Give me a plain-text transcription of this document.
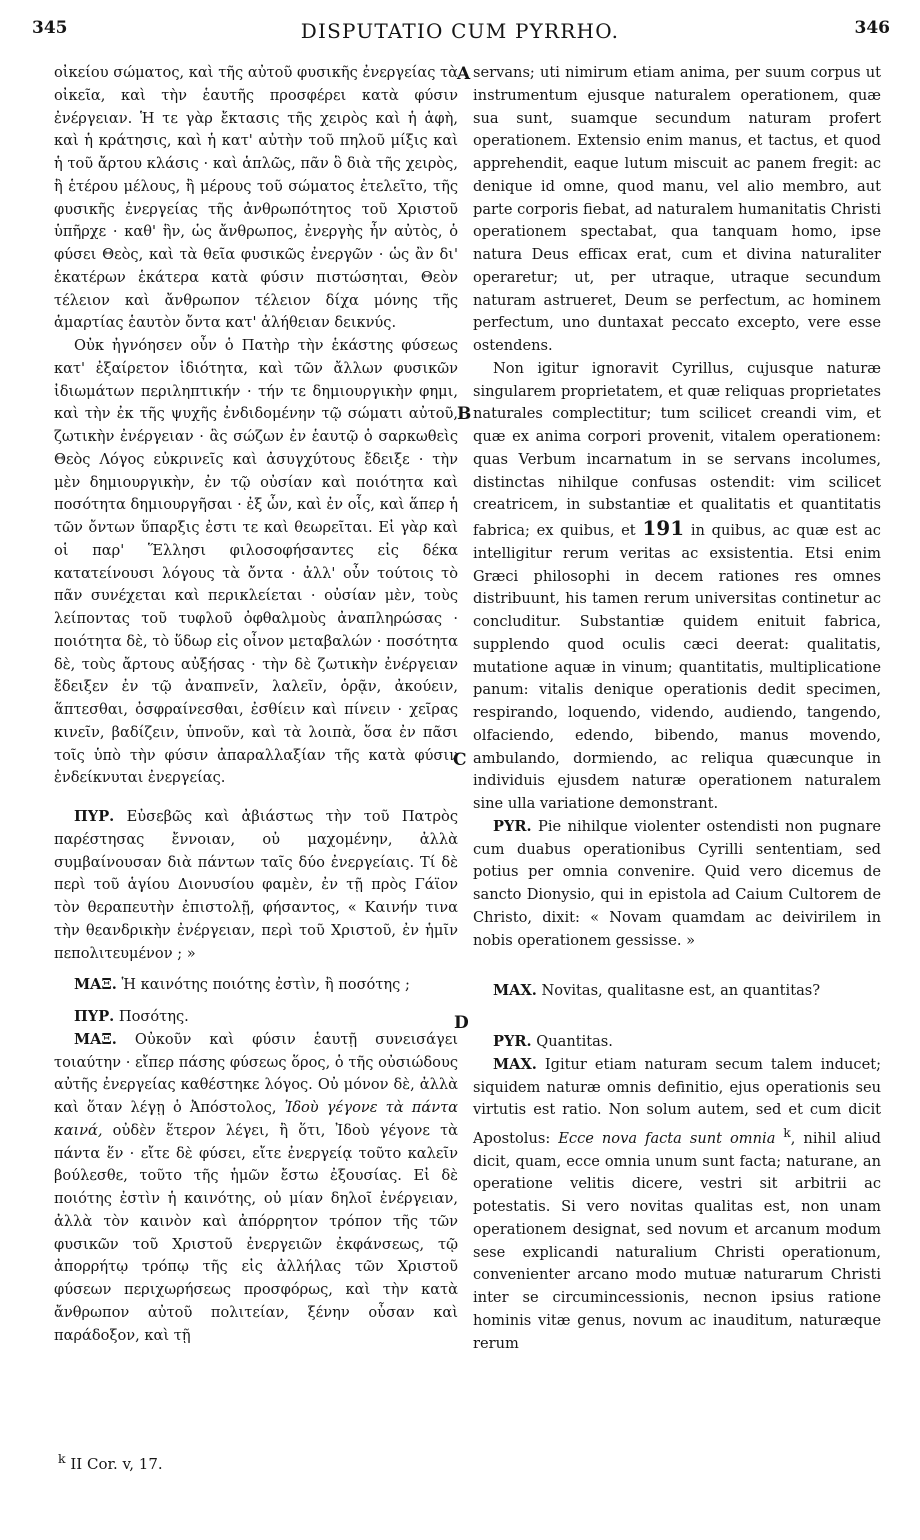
345	DISPUTATIO CUM PYRRHO.	346
A
B
C
D

οἰκείου σώματος, καὶ τῆς αὐτοῦ φυσικῆς ἐνεργείας τὰ οἰκεῖα, καὶ τὴν ἑαυτῆς προσφέρει κατὰ φύσιν ἐνέργειαν. Ἡ τε γὰρ ἔκτασις τῆς χειρὸς καὶ ἡ ἁφὴ, καὶ ἡ κράτησις, καὶ ἡ κατ' αὐτὴν τοῦ πηλοῦ μίξις καὶ ἡ τοῦ ἄρτου κλάσις · καὶ ἁπλῶς, πᾶν ὃ διὰ τῆς χειρὸς, ἢ ἑτέρου μέλους, ἢ μέρους τοῦ σώματος ἐτελεῖτο, τῆς φυσικῆς ἐνεργείας τῆς ἀνθρωπότητος τοῦ Χριστοῦ ὑπῆρχε · καθ' ἣν, ὡς ἄνθρωπος, ἐνεργὴς ἦν αὐτὸς, ὁ φύσει Θεὸς, καὶ τὰ θεῖα φυσικῶς ἐνεργῶν · ὡς ἂν δι' ἑκατέρων ἑκάτερα κατὰ φύσιν πιστώσηται, Θεὸν τέλειον καὶ ἄνθρωπον τέλειον δίχα μόνης τῆς ἁμαρτίας ἑαυτὸν ὄντα κατ' ἀλήθειαν δεικνύς.

Οὐκ ἠγνόησεν οὖν ὁ Πατὴρ τὴν ἑκάστης φύσεως κατ' ἐξαίρετον ἰδιότητα, καὶ τῶν ἄλλων φυσικῶν ἰδιωμάτων περιληπτικήν · τήν τε δημιουργικὴν φημι, καὶ τὴν ἐκ τῆς ψυχῆς ἐνδιδομένην τῷ σώματι αὐτοῦ, ζωτικὴν ἐνέργειαν · ἃς σώζων ἐν ἑαυτῷ ὁ σαρκωθεὶς Θεὸς Λόγος εὐκρινεῖς καὶ ἀσυγχύτους ἔδειξε · τὴν μὲν δημιουργικὴν, ἐν τῷ οὐσίαν καὶ ποιότητα καὶ ποσότητα δημιουργῆσαι · ἐξ ὧν, καὶ ἐν οἷς, καὶ ἅπερ ἡ τῶν ὄντων ὕπαρξις ἐστι τε καὶ θεωρεῖται. Εἰ γὰρ καὶ οἱ παρ' Ἕλλησι φιλοσοφήσαντες εἰς δέκα κατατείνουσι λόγους τὰ ὄντα · ἀλλ' οὖν τούτοις τὸ πᾶν συνέχεται καὶ περικλείεται · οὐσίαν μὲν, τοὺς λείποντας τοῦ τυφλοῦ ὀφθαλμοὺς ἀναπληρώσας · ποιότητα δὲ, τὸ ὕδωρ εἰς οἶνον μεταβαλών · ποσότητα δὲ, τοὺς ἄρτους αὐξήσας · τὴν δὲ ζωτικὴν ἐνέργειαν ἔδειξεν ἐν τῷ ἀναπνεῖν, λαλεῖν, ὁρᾷν, ἀκούειν, ἅπτεσθαι, ὀσφραίνεσθαι, ἐσθίειν καὶ πίνειν · χεῖρας κινεῖν, βαδίζειν, ὑπνοῦν, καὶ τὰ λοιπὰ, ὅσα ἐν πᾶσι τοῖς ὑπὸ τὴν φύσιν ἀπαραλλαξίαν τῆς κατὰ φύσιν ἐνδείκνυται ἐνεργείας.

ΠΥΡ. Εὐσεβῶς καὶ ἀβιάστως τὴν τοῦ Πατρὸς παρέστησας ἔννοιαν, οὐ μαχομένην, ἀλλὰ συμβαίνουσαν διὰ πάντων ταῖς δύο ἐνεργείαις. Τί δὲ περὶ τοῦ ἁγίου Διονυσίου φαμὲν, ἐν τῇ πρὸς Γάϊον τὸν θεραπευτὴν ἐπιστολῇ, φήσαντος, « Καινήν τινα τὴν θεανδρικὴν ἐνέργειαν, περὶ τοῦ Χριστοῦ, ἐν ἡμῖν πεπολιτευμένον ; »

ΜΑΞ. Ἡ καινότης ποιότης ἐστὶν, ἢ ποσότης ;

ΠΥΡ. Ποσότης.

ΜΑΞ. Οὐκοῦν καὶ φύσιν ἑαυτῇ συνεισάγει τοιαύτην · εἴπερ πάσης φύσεως ὅρος, ὁ τῆς οὐσιώδους αὐτῆς ἐνεργείας καθέστηκε λόγος. Οὐ μόνον δὲ, ἀλλὰ καὶ ὅταν λέγῃ ὁ Ἀπόστολος, Ἰδοὺ γέγονε τὰ πάντα καινά, οὐδὲν ἕτερον λέγει, ἢ ὅτι, Ἰδοὺ γέγονε τὰ πάντα ἕν · εἴτε δὲ φύσει, εἴτε ἐνεργείᾳ τοῦτο καλεῖν βούλεσθε, τοῦτο τῆς ἡμῶν ἔστω ἐξουσίας. Εἰ δὲ ποιότης ἐστὶν ἡ καινότης, οὐ μίαν δηλοῖ ἐνέργειαν, ἀλλὰ τὸν καινὸν καὶ ἀπόρρητον τρόπον τῆς τῶν φυσικῶν τοῦ Χριστοῦ ἐνεργειῶν ἐκφάνσεως, τῷ ἀπορρήτῳ τρόπῳ τῆς εἰς ἀλλήλας τῶν Χριστοῦ φύσεων περιχωρήσεως προσφόρως, καὶ τὴν κατὰ ἄνθρωπον αὐτοῦ πολιτείαν, ξένην οὖσαν καὶ παράδοξον, καὶ τῇ

servans; uti nimirum etiam anima, per suum corpus ut instrumentum ejusque naturalem operationem, quæ sua sunt, suamque secundum naturam profert operationem. Extensio enim manus, et tactus, et quod apprehendit, eaque lutum miscuit ac panem fregit: ac denique id omne, quod manu, vel alio membro, aut parte corporis fiebat, ad naturalem humanitatis Christi operationem spectabat, qua tanquam homo, ipse natura Deus efficax erat, cum et divina naturaliter operaretur; ut, per utraque, utraque secundum naturam astrueret, Deum se perfectum, ac hominem perfectum, uno duntaxat peccato excepto, vere esse ostendens.

Non igitur ignoravit Cyrillus, cujusque naturæ singularem proprietatem, et quæ reliquas proprietates naturales complectitur; tum scilicet creandi vim, et quæ ex anima corpori provenit, vitalem operationem: quas Verbum incarnatum in se servans incolumes, distinctas nihilque confusas ostendit: vim scilicet creatricem, in substantiæ et qualitatis et quantitatis fabrica; ex quibus, et 191 in quibus, ac quæ est ac intelligitur rerum veritas ac exsistentia. Etsi enim Græci philosophi in decem rationes res omnes distribuunt, his tamen rerum universitas continetur ac concluditur. Substantiæ quidem enituit fabrica, supplendo quod oculis cæci deerat: qualitatis, mutatione aquæ in vinum; quantitatis, multiplicatione panum: vitalis denique operationis dedit specimen, respirando, loquendo, videndo, audiendo, tangendo, olfaciendo, edendo, bibendo, manus movendo, ambulando, dormiendo, ac reliqua quæcunque in individuis ejusdem naturæ operationem naturalem sine ulla variatione demonstrant.

PYR. Pie nihilque violenter ostendisti non pugnare cum duabus operationibus Cyrilli sententiam, sed potius per omnia convenire. Quid vero dicemus de sancto Dionysio, qui in epistola ad Caium Cultorem de Christo, dixit: « Novam quamdam ac deivirilem in nobis operationem gessisse. »

MAX. Novitas, qualitasne est, an quantitas?

PYR. Quantitas.

MAX. Igitur etiam naturam secum talem inducet; siquidem naturæ omnis definitio, ejus operationis seu virtutis est ratio. Non solum autem, sed et cum dicit Apostolus: Ecce nova facta sunt omnia $^k$, nihil aliud dicit, quam, ecce omnia unum sunt facta; naturane, an operatione velitis dicere, vestri sit arbitrii ac potestatis. Si vero novitas qualitas est, non unam operationem designat, sed novum et arcanum modum sese explicandi naturalium Christi operationum, convenienter arcano modo mutuæ naturarum Christi inter se circumincessionis, necnon ipsius ratione hominis vitæ genus, novum ac inauditum, naturæque rerum

$^k$ II Cor. v, 17.
